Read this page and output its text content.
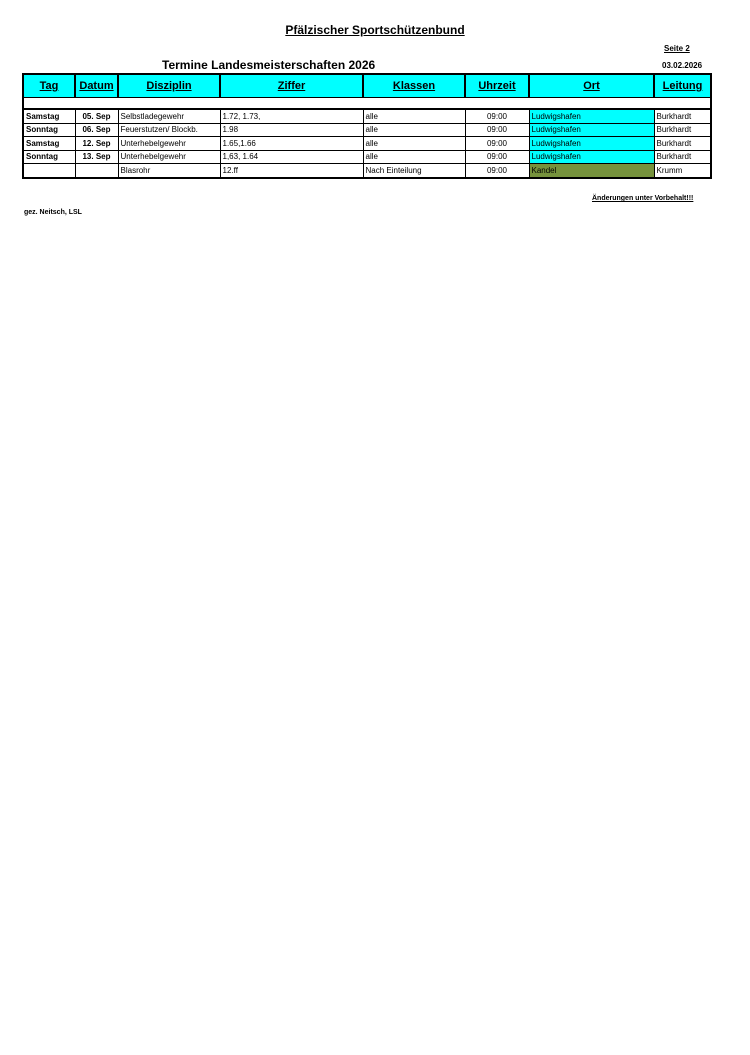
Pfälzischer Sportschützenbund
Seite 2
Termine Landesmeisterschaften 2026	03.02.2026
Tag	Datum	Disziplin	Ziffer	Klassen	Uhrzeit	Ort	Leitung

Samstag	05. Sep	Selbstladegewehr	1.72, 1.73,	alle	09:00	Ludwigshafen	Burkhardt
Sonntag	06. Sep	Feuerstutzen/ Blockb.	1.98	alle	09:00	Ludwigshafen	Burkhardt
Samstag	12. Sep	Unterhebelgewehr	1.65,1.66	alle	09:00	Ludwigshafen	Burkhardt
Sonntag	13. Sep	Unterhebelgewehr	1,63, 1.64	alle	09:00	Ludwigshafen	Burkhardt
		Blasrohr	12.ff	Nach Einteilung	09:00	Kandel	Krumm
Änderungen unter Vorbehalt!!!
gez. Neitsch, LSL
